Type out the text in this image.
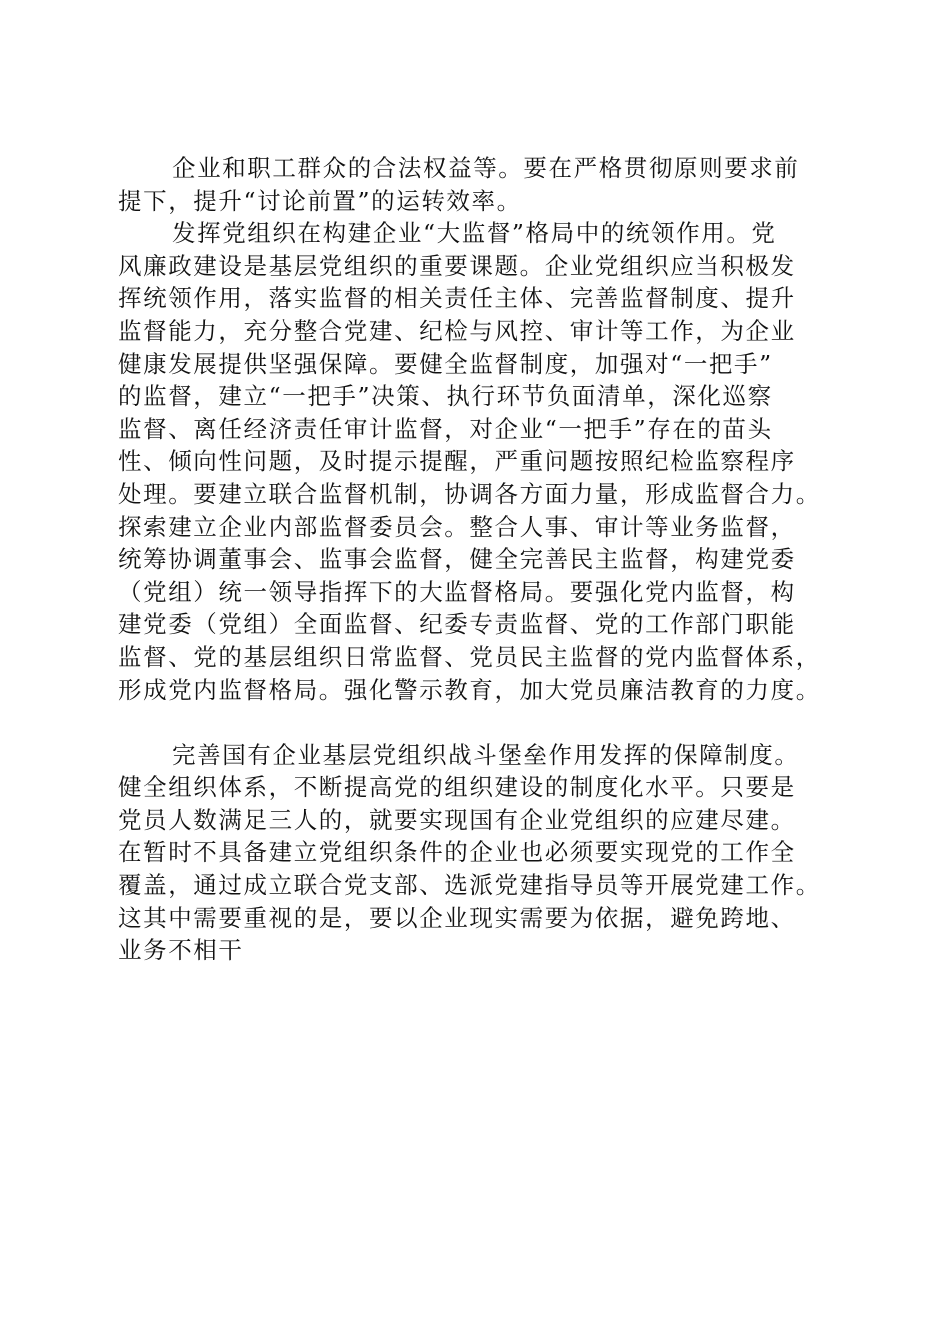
企业和职工群众的合法权益等。要在严格贯彻原则要求前
提下，提升“讨论前置”的运转效率。
发挥党组织在构建企业“大监督”格局中的统领作用。党
风廉政建设是基层党组织的重要课题。企业党组织应当积极发
挥统领作用，落实监督的相关责任主体、完善监督制度、提升
监督能力，充分整合党建、纪检与风控、审计等工作，为企业
健康发展提供坚强保障。要健全监督制度，加强对“一把手”
的监督，建立“一把手”决策、执行环节负面清单，深化巡察
监督、离任经济责任审计监督，对企业“一把手”存在的苗头
性、倾向性问题，及时提示提醒，严重问题按照纪检监察程序
处理。要建立联合监督机制，协调各方面力量，形成监督合力。
探索建立企业内部监督委员会。整合人事、审计等业务监督，
统筹协调董事会、监事会监督，健全完善民主监督，构建党委
（党组）统一领导指挥下的大监督格局。要强化党内监督，构
建党委（党组）全面监督、纪委专责监督、党的工作部门职能
监督、党的基层组织日常监督、党员民主监督的党内监督体系，
形成党内监督格局。强化警示教育，加大党员廉洁教育的力度。
完善国有企业基层党组织战斗堡垒作用发挥的保障制度。
健全组织体系，不断提高党的组织建设的制度化水平。只要是
党员人数满足三人的，就要实现国有企业党组织的应建尽建。
在暂时不具备建立党组织条件的企业也必须要实现党的工作全
覆盖，通过成立联合党支部、选派党建指导员等开展党建工作。
这其中需要重视的是，要以企业现实需要为依据，避免跨地、
业务不相干
